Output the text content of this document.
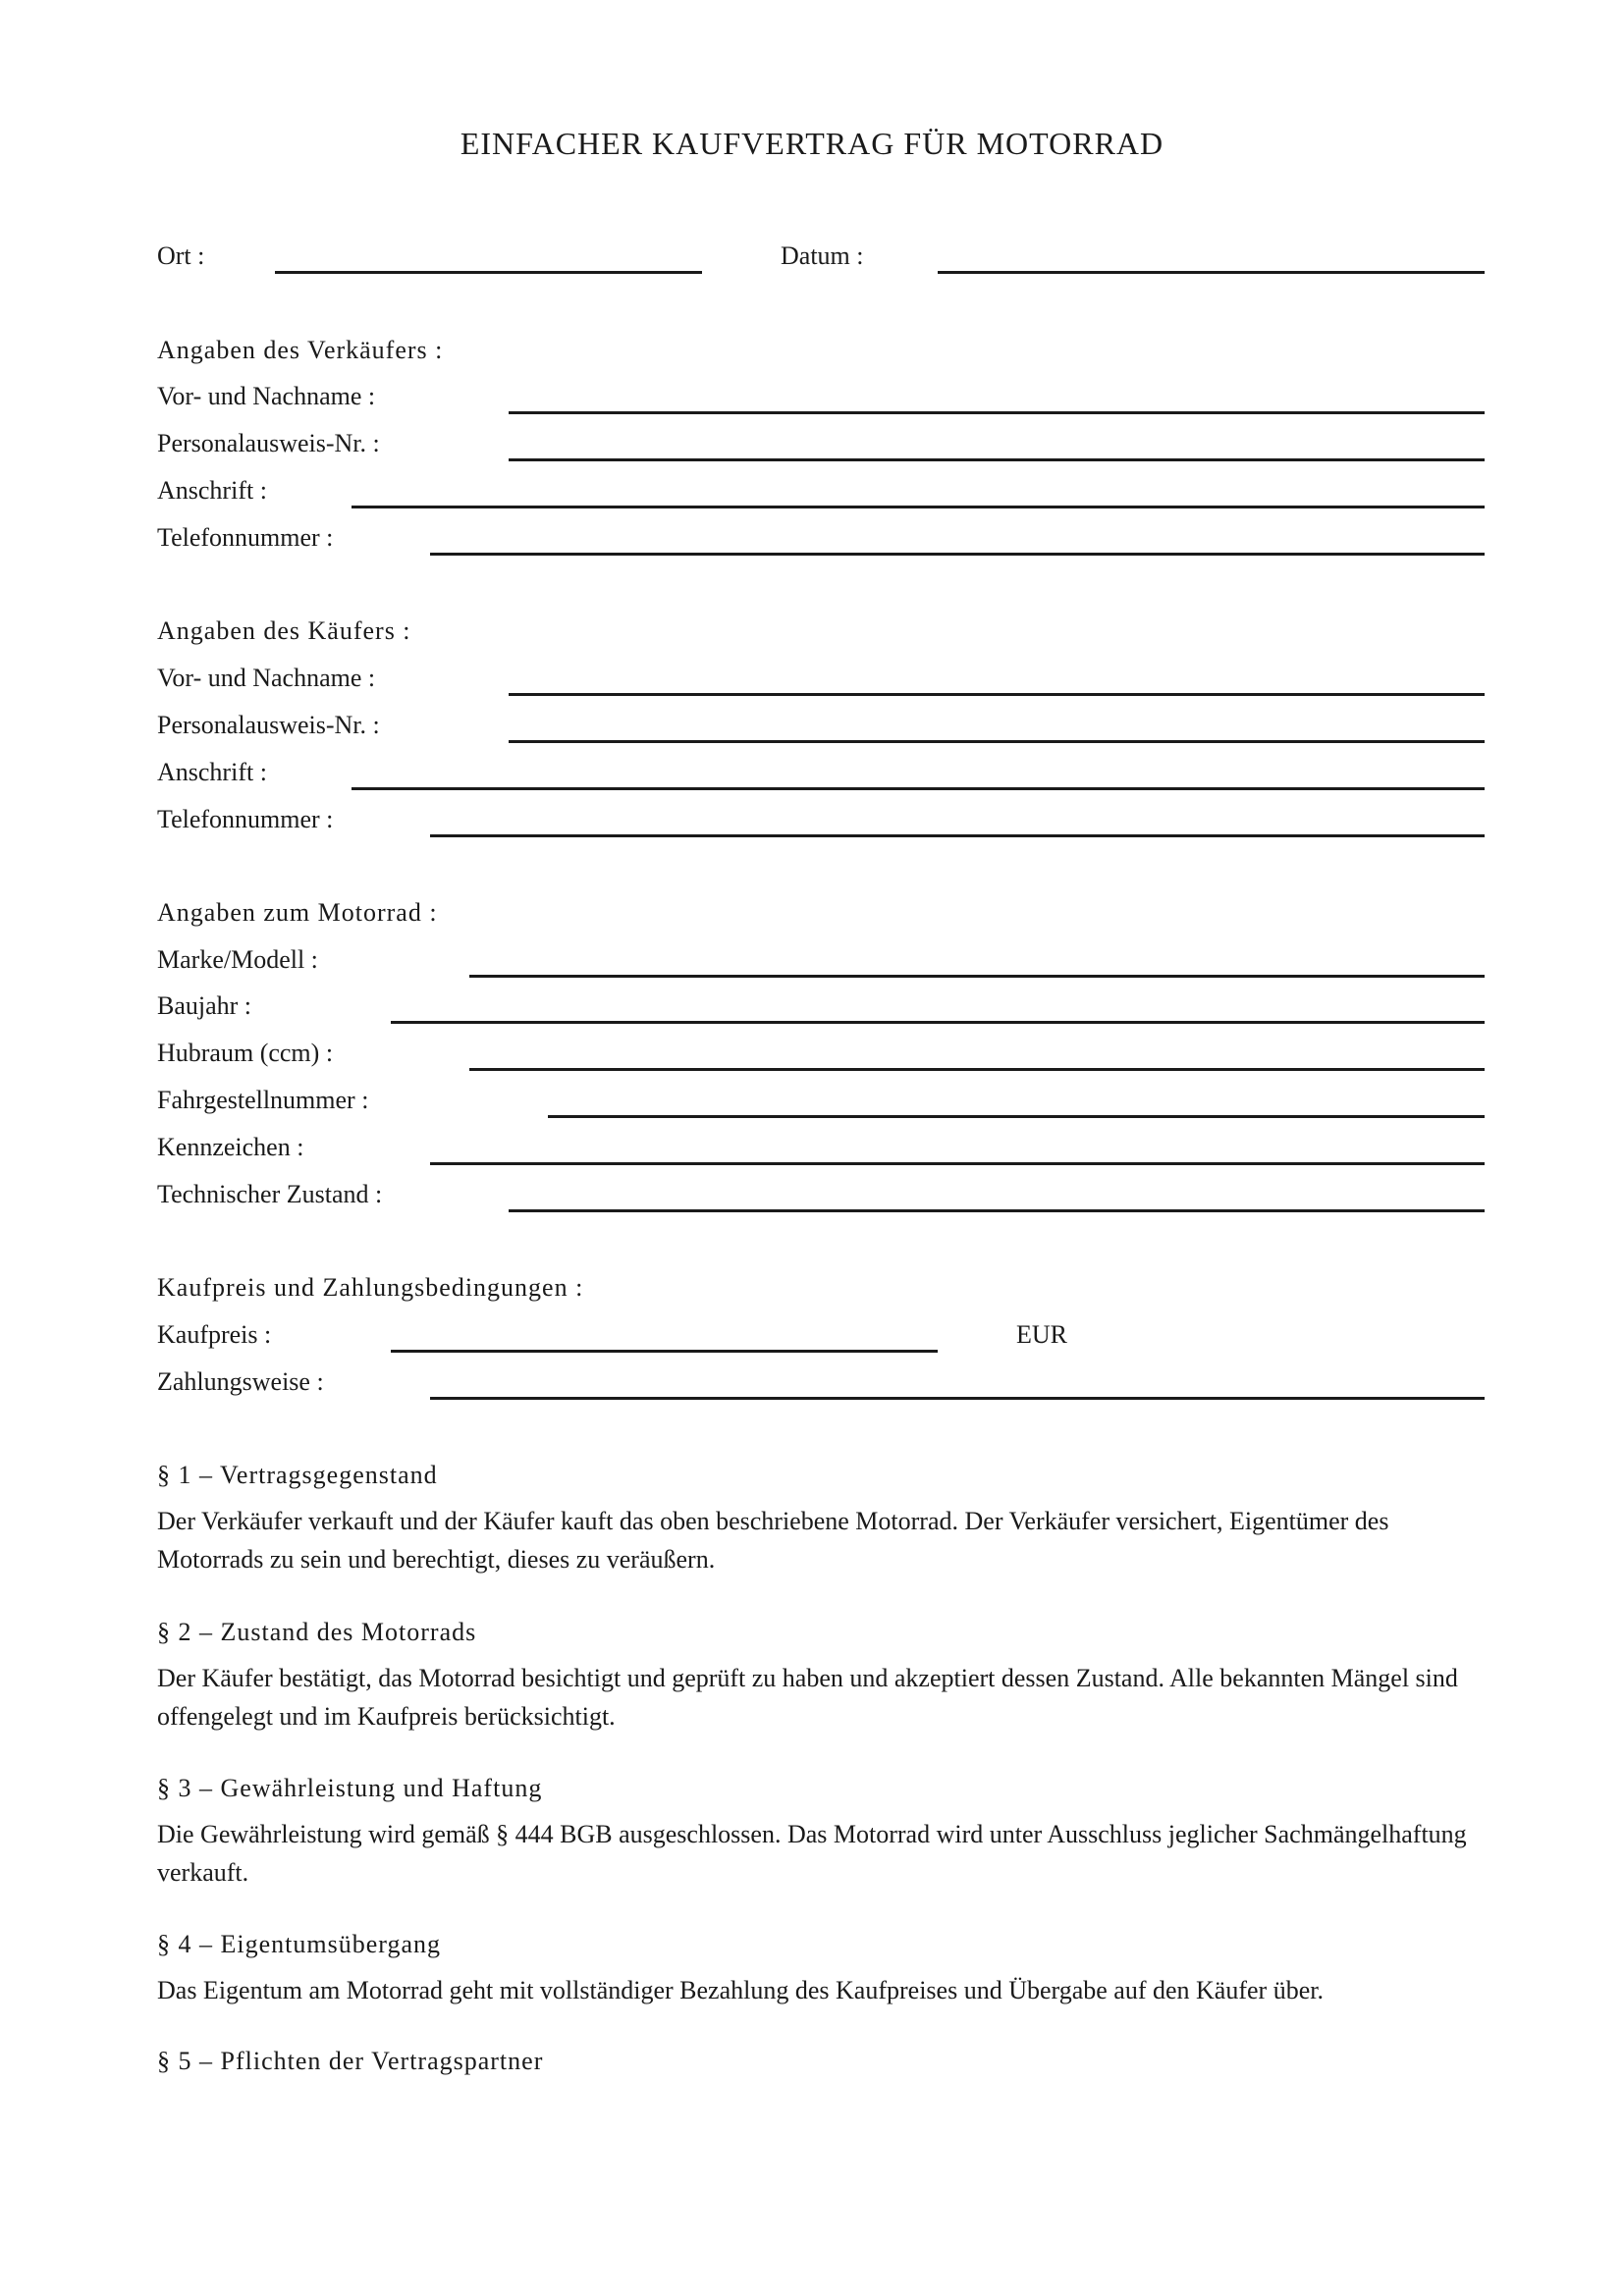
EINFACHER KAUFVERTRAG FÜR MOTORRAD
Ort :	Datum :
Angaben des Verkäufers :
Vor- und Nachname :
Personalausweis-Nr. :
Anschrift :
Telefonnummer :
Angaben des Käufers :
Vor- und Nachname :
Personalausweis-Nr. :
Anschrift :
Telefonnummer :
Angaben zum Motorrad :
Marke/Modell :
Baujahr :
Hubraum (ccm) :
Fahrgestellnummer :
Kennzeichen :
Technischer Zustand :
Kaufpreis und Zahlungsbedingungen :
Kaufpreis :	EUR
Zahlungsweise :
§ 1 – Vertragsgegenstand
Der Verkäufer verkauft und der Käufer kauft das oben beschriebene Motorrad. Der Verkäufer versichert, Eigentümer des Motorrads zu sein und berechtigt, dieses zu veräußern.
§ 2 – Zustand des Motorrads
Der Käufer bestätigt, das Motorrad besichtigt und geprüft zu haben und akzeptiert dessen Zustand. Alle bekannten Mängel sind offengelegt und im Kaufpreis berücksichtigt.
§ 3 – Gewährleistung und Haftung
Die Gewährleistung wird gemäß § 444 BGB ausgeschlossen. Das Motorrad wird unter Ausschluss jeglicher Sachmängelhaftung verkauft.
§ 4 – Eigentumsübergang
Das Eigentum am Motorrad geht mit vollständiger Bezahlung des Kaufpreises und Übergabe auf den Käufer über.
§ 5 – Pflichten der Vertragspartner
